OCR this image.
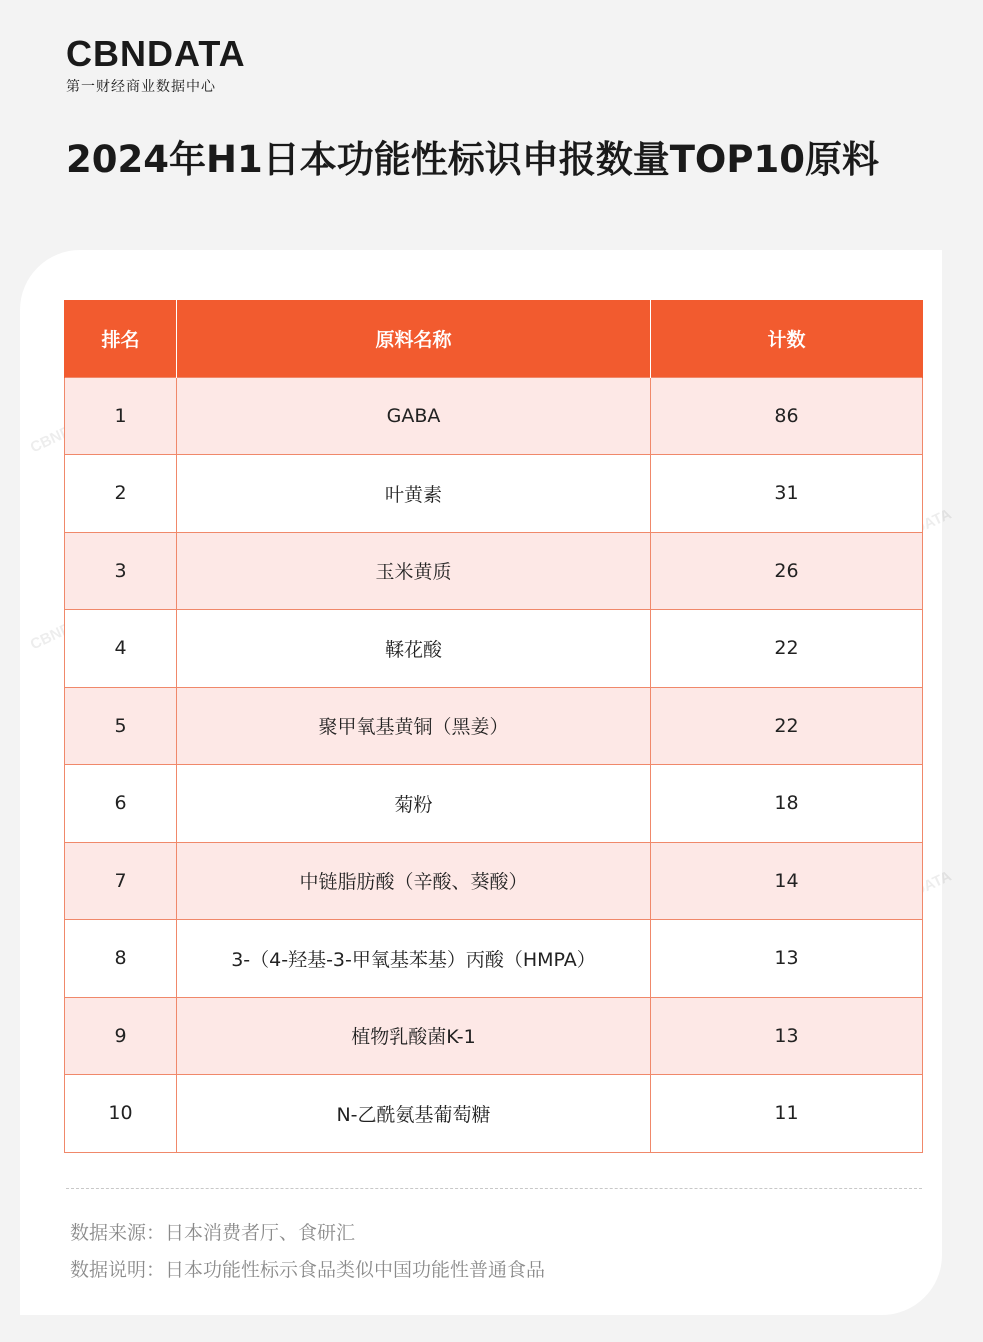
CBNDATA
第一财经商业数据中心
2024年H1日本功能性标识申报数量TOP10原料
排名	原料名称	计数
1	GABA	86
2	叶黄素	31
3	玉米黄质	26
4	鞣花酸	22
5	聚甲氧基黄铜（黑姜）	22
6	菊粉	18
7	中链脂肪酸（辛酸、葵酸）	14
8	3-（4-羟基-3-甲氧基苯基）丙酸（HMPA）	13
9	植物乳酸菌K-1	13
10	N-乙酰氨基葡萄糖	11
数据来源：日本消费者厅、食研汇
数据说明：日本功能性标示食品类似中国功能性普通食品
